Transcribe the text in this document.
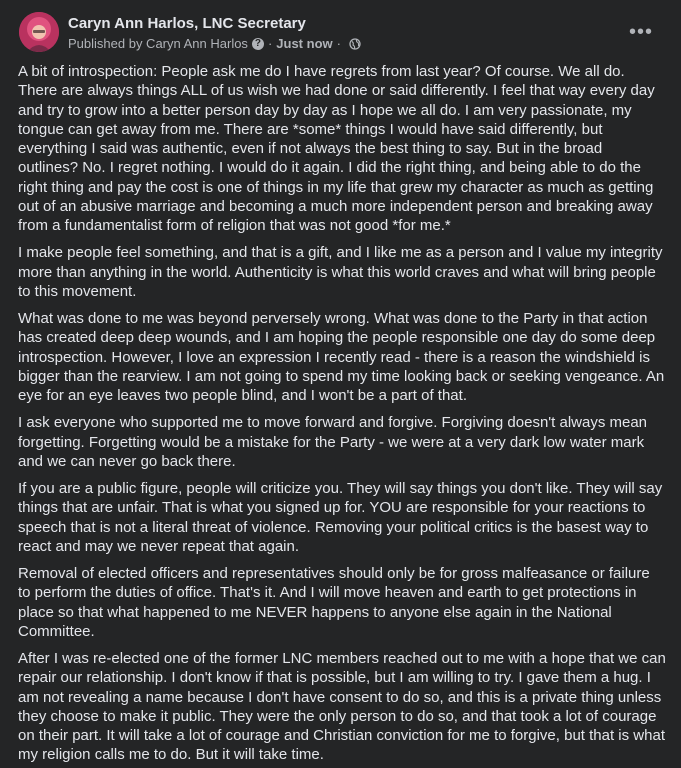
Caryn Ann Harlos, LNC Secretary
Published by Caryn Ann Harlos ? · Just now ·
•••

A bit of introspection: People ask me do I have regrets from last year? Of course. We all do. There are always things ALL of us wish we had done or said differently. I feel that way every day and try to grow into a better person day by day as I hope we all do. I am very passionate, my tongue can get away from me. There are *some* things I would have said differently, but everything I said was authentic, even if not always the best thing to say. But in the broad outlines? No. I regret nothing. I would do it again. I did the right thing, and being able to do the right thing and pay the cost is one of things in my life that grew my character as much as getting out of an abusive marriage and becoming a much more independent person and breaking away from a fundamentalist form of religion that was not good *for me.*

I make people feel something, and that is a gift, and I like me as a person and I value my integrity more than anything in the world. Authenticity is what this world craves and what will bring people to this movement.

What was done to me was beyond perversely wrong. What was done to the Party in that action has created deep deep wounds, and I am hoping the people responsible one day do some deep introspection. However, I love an expression I recently read - there is a reason the windshield is bigger than the rearview. I am not going to spend my time looking back or seeking vengeance. An eye for an eye leaves two people blind, and I won't be a part of that.

I ask everyone who supported me to move forward and forgive. Forgiving doesn't always mean forgetting. Forgetting would be a mistake for the Party - we were at a very dark low water mark and we can never go back there.

If you are a public figure, people will criticize you. They will say things you don't like. They will say things that are unfair. That is what you signed up for. YOU are responsible for your reactions to speech that is not a literal threat of violence. Removing your political critics is the basest way to react and may we never repeat that again.

Removal of elected officers and representatives should only be for gross malfeasance or failure to perform the duties of office. That's it. And I will move heaven and earth to get protections in place so that what happened to me NEVER happens to anyone else again in the National Committee.

After I was re-elected one of the former LNC members reached out to me with a hope that we can repair our relationship. I don't know if that is possible, but I am willing to try. I gave them a hug. I am not revealing a name because I don't have consent to do so, and this is a private thing unless they choose to make it public. They were the only person to do so, and that took a lot of courage on their part. It will take a lot of courage and Christian conviction for me to forgive, but that is what my religion calls me to do. But it will take time.
